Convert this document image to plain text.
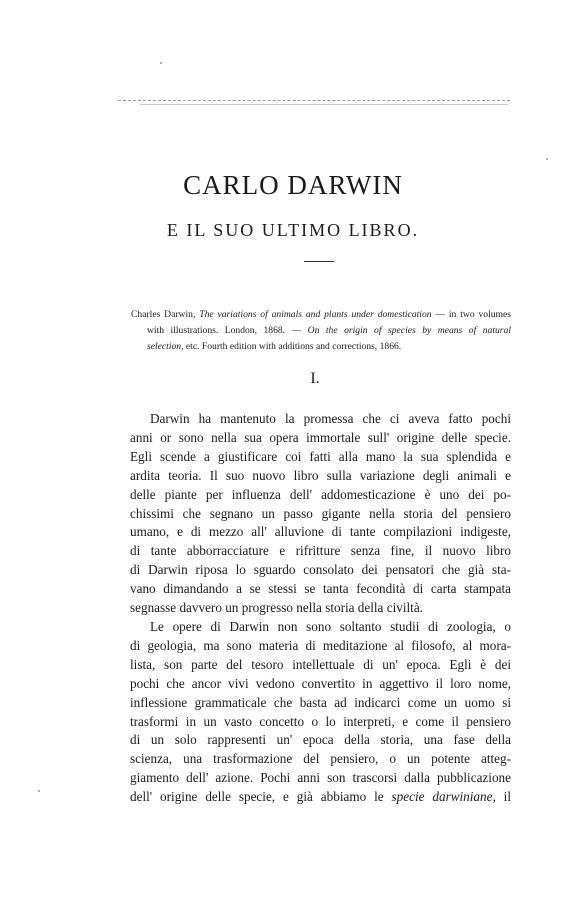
CARLO DARWIN
E IL SUO ULTIMO LIBRO.
Charles Darwin, The variations of animals and plants under domestication — in two volumes
with illustrations. London, 1868. — On the origin of species by means of natural
selection, etc. Fourth edition with additions and corrections, 1866.
I.
Darwin ha mantenuto la promessa che ci aveva fatto pochi
anni or sono nella sua opera immortale sull' origine delle specie.
Egli scende a giustificare coi fatti alla mano la sua splendida e
ardita teoria. Il suo nuovo libro sulla variazione degli animali e
delle piante per influenza dell' addomesticazione è uno dei po-
chissimi che segnano un passo gigante nella storia del pensiero
umano, e di mezzo all' alluvione di tante compilazioni indigeste,
di tante abborracciature e rifritture senza fine, il nuovo libro
di Darwin riposa lo sguardo consolato dei pensatori che già sta-
vano dimandando a se stessi se tanta fecondità di carta stampata
segnasse davvero un progresso nella storia della civiltà.
Le opere di Darwin non sono soltanto studii di zoologia, o
di geologia, ma sono materia di meditazione al filosofo, al mora-
lista, son parte del tesoro intellettuale di un' epoca. Egli è dei
pochi che ancor vivi vedono convertito in aggettivo il loro nome,
inflessione grammaticale che basta ad indicarci come un uomo si
trasformi in un vasto concetto o lo interpreti, e come il pensiero
di un solo rappresenti un' epoca della storia, una fase della
scienza, una trasformazione del pensiero, o un potente atteg-
giamento dell' azione. Pochi anni son trascorsi dalla pubblicazione
dell' origine delle specie, e già abbiamo le specie darwiniane, il
